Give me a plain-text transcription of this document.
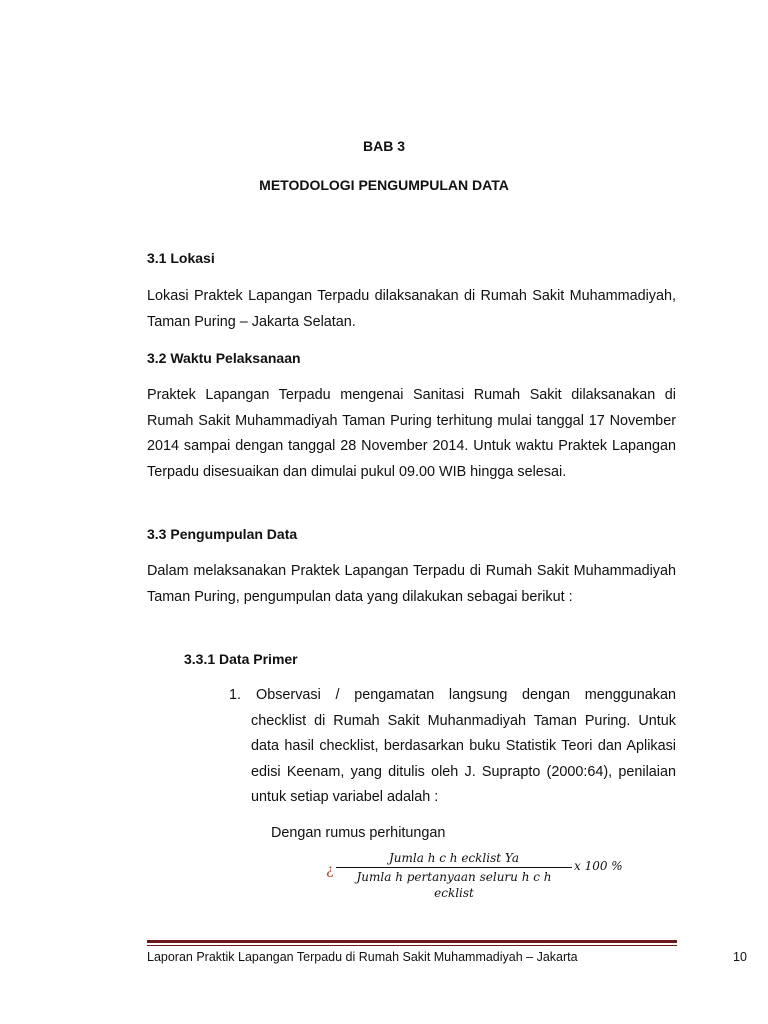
BAB 3
METODOLOGI PENGUMPULAN DATA
3.1 Lokasi
Lokasi Praktek Lapangan Terpadu dilaksanakan di Rumah Sakit Muhammadiyah, Taman Puring – Jakarta Selatan.
3.2 Waktu Pelaksanaan
Praktek Lapangan Terpadu mengenai Sanitasi Rumah Sakit dilaksanakan di Rumah Sakit Muhammadiyah Taman Puring terhitung mulai tanggal 17 November 2014 sampai dengan tanggal 28 November 2014. Untuk waktu Praktek Lapangan Terpadu disesuaikan dan dimulai pukul 09.00 WIB hingga selesai.
3.3 Pengumpulan Data
Dalam melaksanakan Praktek Lapangan Terpadu di Rumah Sakit Muhammadiyah Taman Puring, pengumpulan data yang dilakukan sebagai berikut :
3.3.1 Data Primer
1.	Observasi / pengamatan langsung dengan menggunakan checklist di Rumah Sakit Muhanmadiyah Taman Puring. Untuk data hasil checklist, berdasarkan buku Statistik Teori dan Aplikasi edisi Keenam, yang ditulis oleh J. Suprapto (2000:64), penilaian untuk setiap variabel adalah :
Dengan rumus perhitungan
¿
Jumla h c h ecklist Ya
Jumla h pertanyaan seluru h c h ecklist
x 100 %
Laporan Praktik Lapangan Terpadu di Rumah Sakit Muhammadiyah – Jakarta	10
